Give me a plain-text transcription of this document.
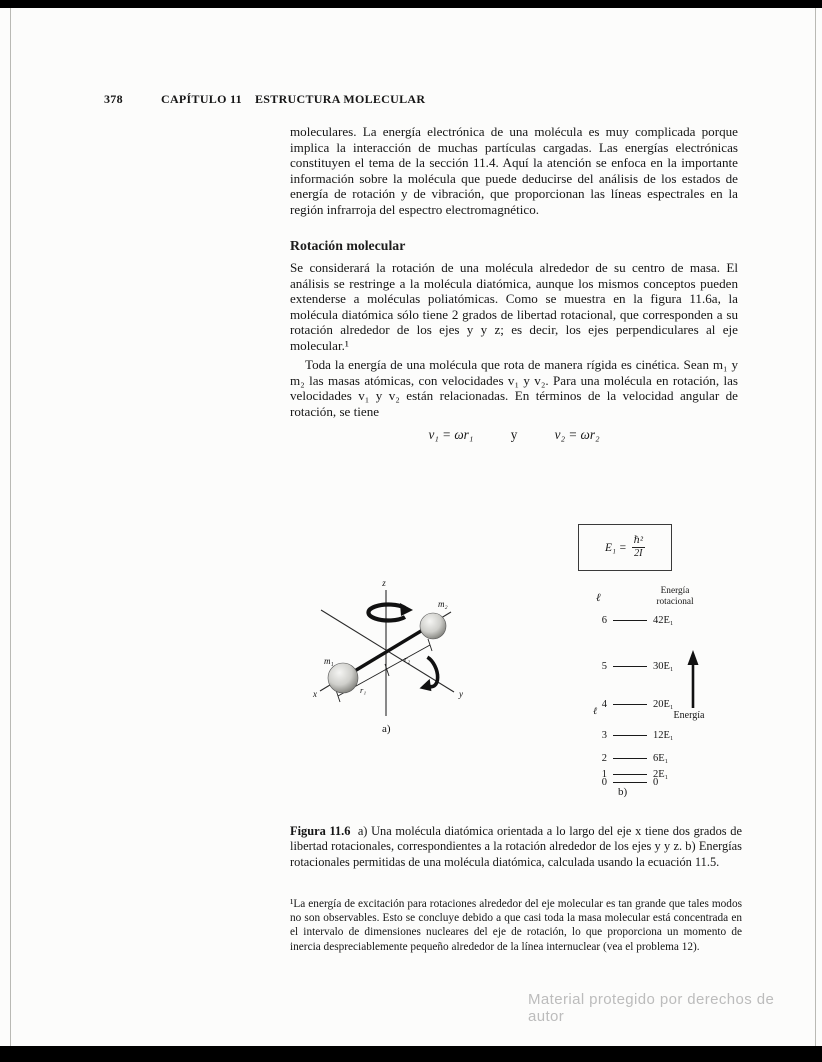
378	CAPÍTULO 11 ESTRUCTURA MOLECULAR

moleculares. La energía electrónica de una molécula es muy complicada porque implica la interacción de muchas partículas cargadas. Las energías electrónicas constituyen el tema de la sección 11.4. Aquí la atención se enfoca en la importante información sobre la molécula que puede deducirse del análisis de los estados de energía de rotación y de vibración, que proporcionan las líneas espectrales en la región infrarroja del espectro electromagnético.

Rotación molecular

Se considerará la rotación de una molécula alrededor de su centro de masa. El análisis se restringe a la molécula diatómica, aunque los mismos conceptos pueden extenderse a moléculas poliatómicas. Como se muestra en la figura 11.6a, la molécula diatómica sólo tiene 2 grados de libertad rotacional, que corresponden a su rotación alrededor de los ejes y y z; es decir, los ejes perpendiculares al eje molecular.¹

Toda la energía de una molécula que rota de manera rígida es cinética. Sean m₁ y m₂ las masas atómicas, con velocidades v₁ y v₂. Para una molécula en rotación, las velocidades v₁ y v₂ están relacionadas. En términos de la velocidad angular de rotación, se tiene

v₁ = ωr₁	y	v₂ = ωr₂
$E_1 = \frac{\text{ℏ²}}{2I}$
z
y
x
m₁
m₂
r₁
r₂
a)
ℓ
Energía
rotacional
6	42E₁
5	30E₁
4	20E₁
3	12E₁
2	6E₁
1	2E₁
0	0
ℓ	Energía
b)

Figura 11.6 a) Una molécula diatómica orientada a lo largo del eje x tiene dos grados de libertad rotacionales, correspondientes a la rotación alrededor de los ejes y y z. b) Energías rotacionales permitidas de una molécula diatómica, calculada usando la ecuación 11.5.

¹La energía de excitación para rotaciones alrededor del eje molecular es tan grande que tales modos no son observables. Esto se concluye debido a que casi toda la masa molecular está concentrada en el intervalo de dimensiones nucleares del eje de rotación, lo que proporciona un momento de inercia despreciablemente pequeño alrededor de la línea internuclear (vea el problema 12).

Material protegido por derechos de autor
